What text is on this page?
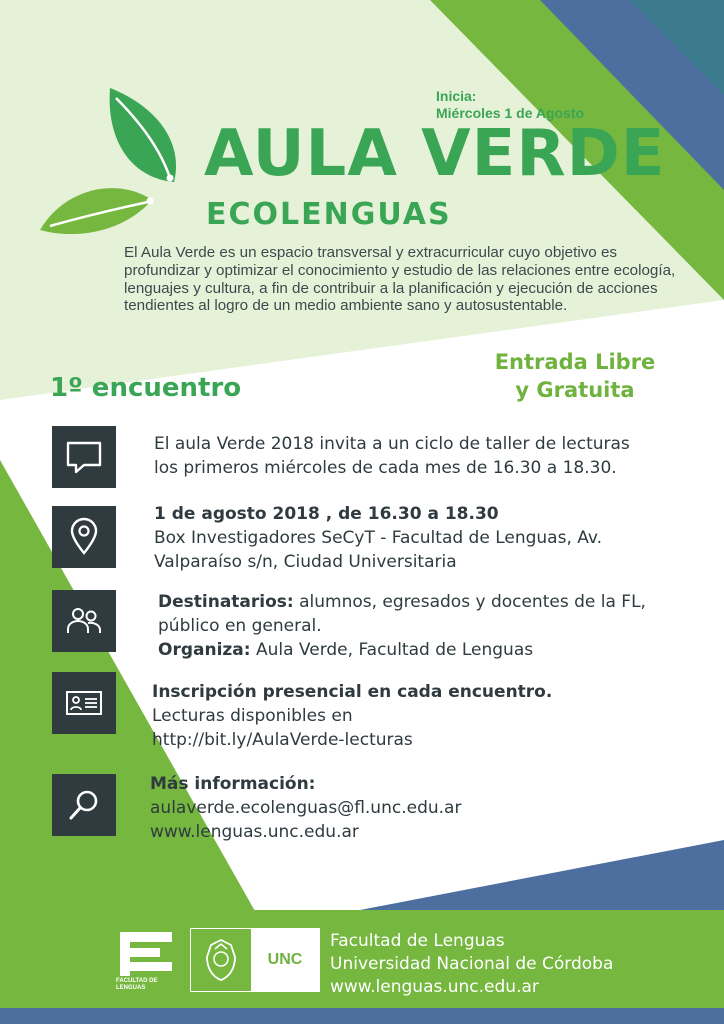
Inicia:
Miércoles 1 de Agosto
AULA VERDE
ECOLENGUAS
El Aula Verde es un espacio transversal y extracurricular cuyo objetivo es profundizar y optimizar el conocimiento y estudio de las relaciones entre ecología, lenguajes y cultura, a fin de contribuir a la planificación y ejecución de acciones tendientes al logro de un medio ambiente sano y autosustentable.
Entrada Libre
y Gratuita
1º encuentro
El aula Verde 2018 invita a un ciclo de taller de lecturas
los primeros miércoles de cada mes de 16.30 a 18.30.
1 de agosto 2018 , de 16.30 a 18.30
Box Investigadores SeCyT - Facultad de Lenguas, Av.
Valparaíso s/n, Ciudad Universitaria
Destinatarios: alumnos, egresados y docentes de la FL,
público en general.
Organiza: Aula Verde, Facultad de Lenguas
Inscripción presencial en cada encuentro.
Lecturas disponibles en
http://bit.ly/AulaVerde-lecturas
Más información:
aulaverde.ecolenguas@fl.unc.edu.ar
www.lenguas.unc.edu.ar
FACULTAD DE
LENGUAS
UNC
Facultad de Lenguas
Universidad Nacional de Córdoba
www.lenguas.unc.edu.ar
